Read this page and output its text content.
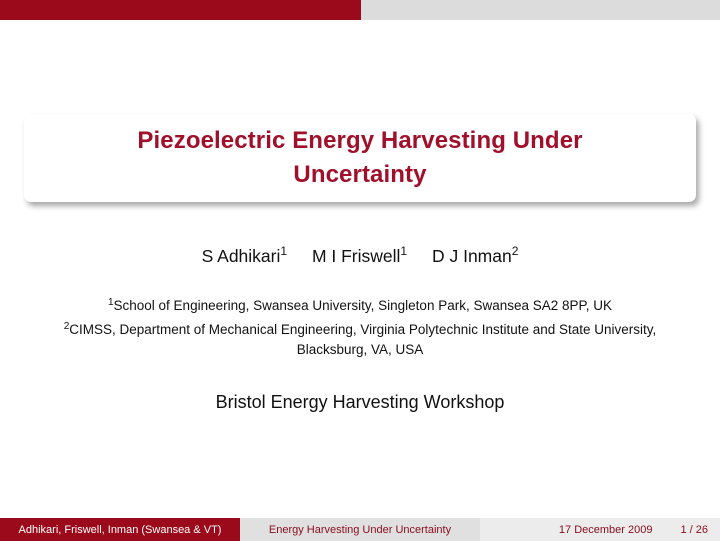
Piezoelectric Energy Harvesting Under
Uncertainty
S Adhikari$^1$ M I Friswell$^1$ D J Inman$^2$
$^1$School of Engineering, Swansea University, Singleton Park, Swansea SA2 8PP, UK
$^2$CIMSS, Department of Mechanical Engineering, Virginia Polytechnic Institute and State University, Blacksburg, VA, USA
Bristol Energy Harvesting Workshop
Adhikari, Friswell, Inman (Swansea & VT)	Energy Harvesting Under Uncertainty	17 December 2009	1 / 26
